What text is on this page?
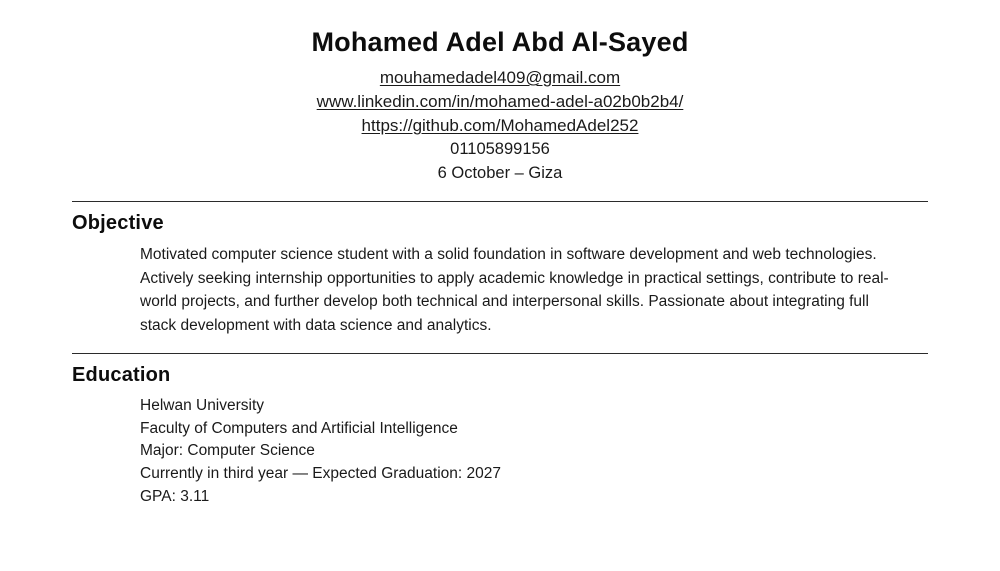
Mohamed Adel Abd Al-Sayed
mouhamedadel409@gmail.com
www.linkedin.com/in/mohamed-adel-a02b0b2b4/
https://github.com/MohamedAdel252
01105899156
6 October – Giza
Objective

Motivated computer science student with a solid foundation in software development and web technologies. Actively seeking internship opportunities to apply academic knowledge in practical settings, contribute to real-world projects, and further develop both technical and interpersonal skills. Passionate about integrating full stack development with data science and analytics.

Education

Helwan University

Faculty of Computers and Artificial Intelligence

Major: Computer Science

Currently in third year — Expected Graduation: 2027

GPA: 3.11
